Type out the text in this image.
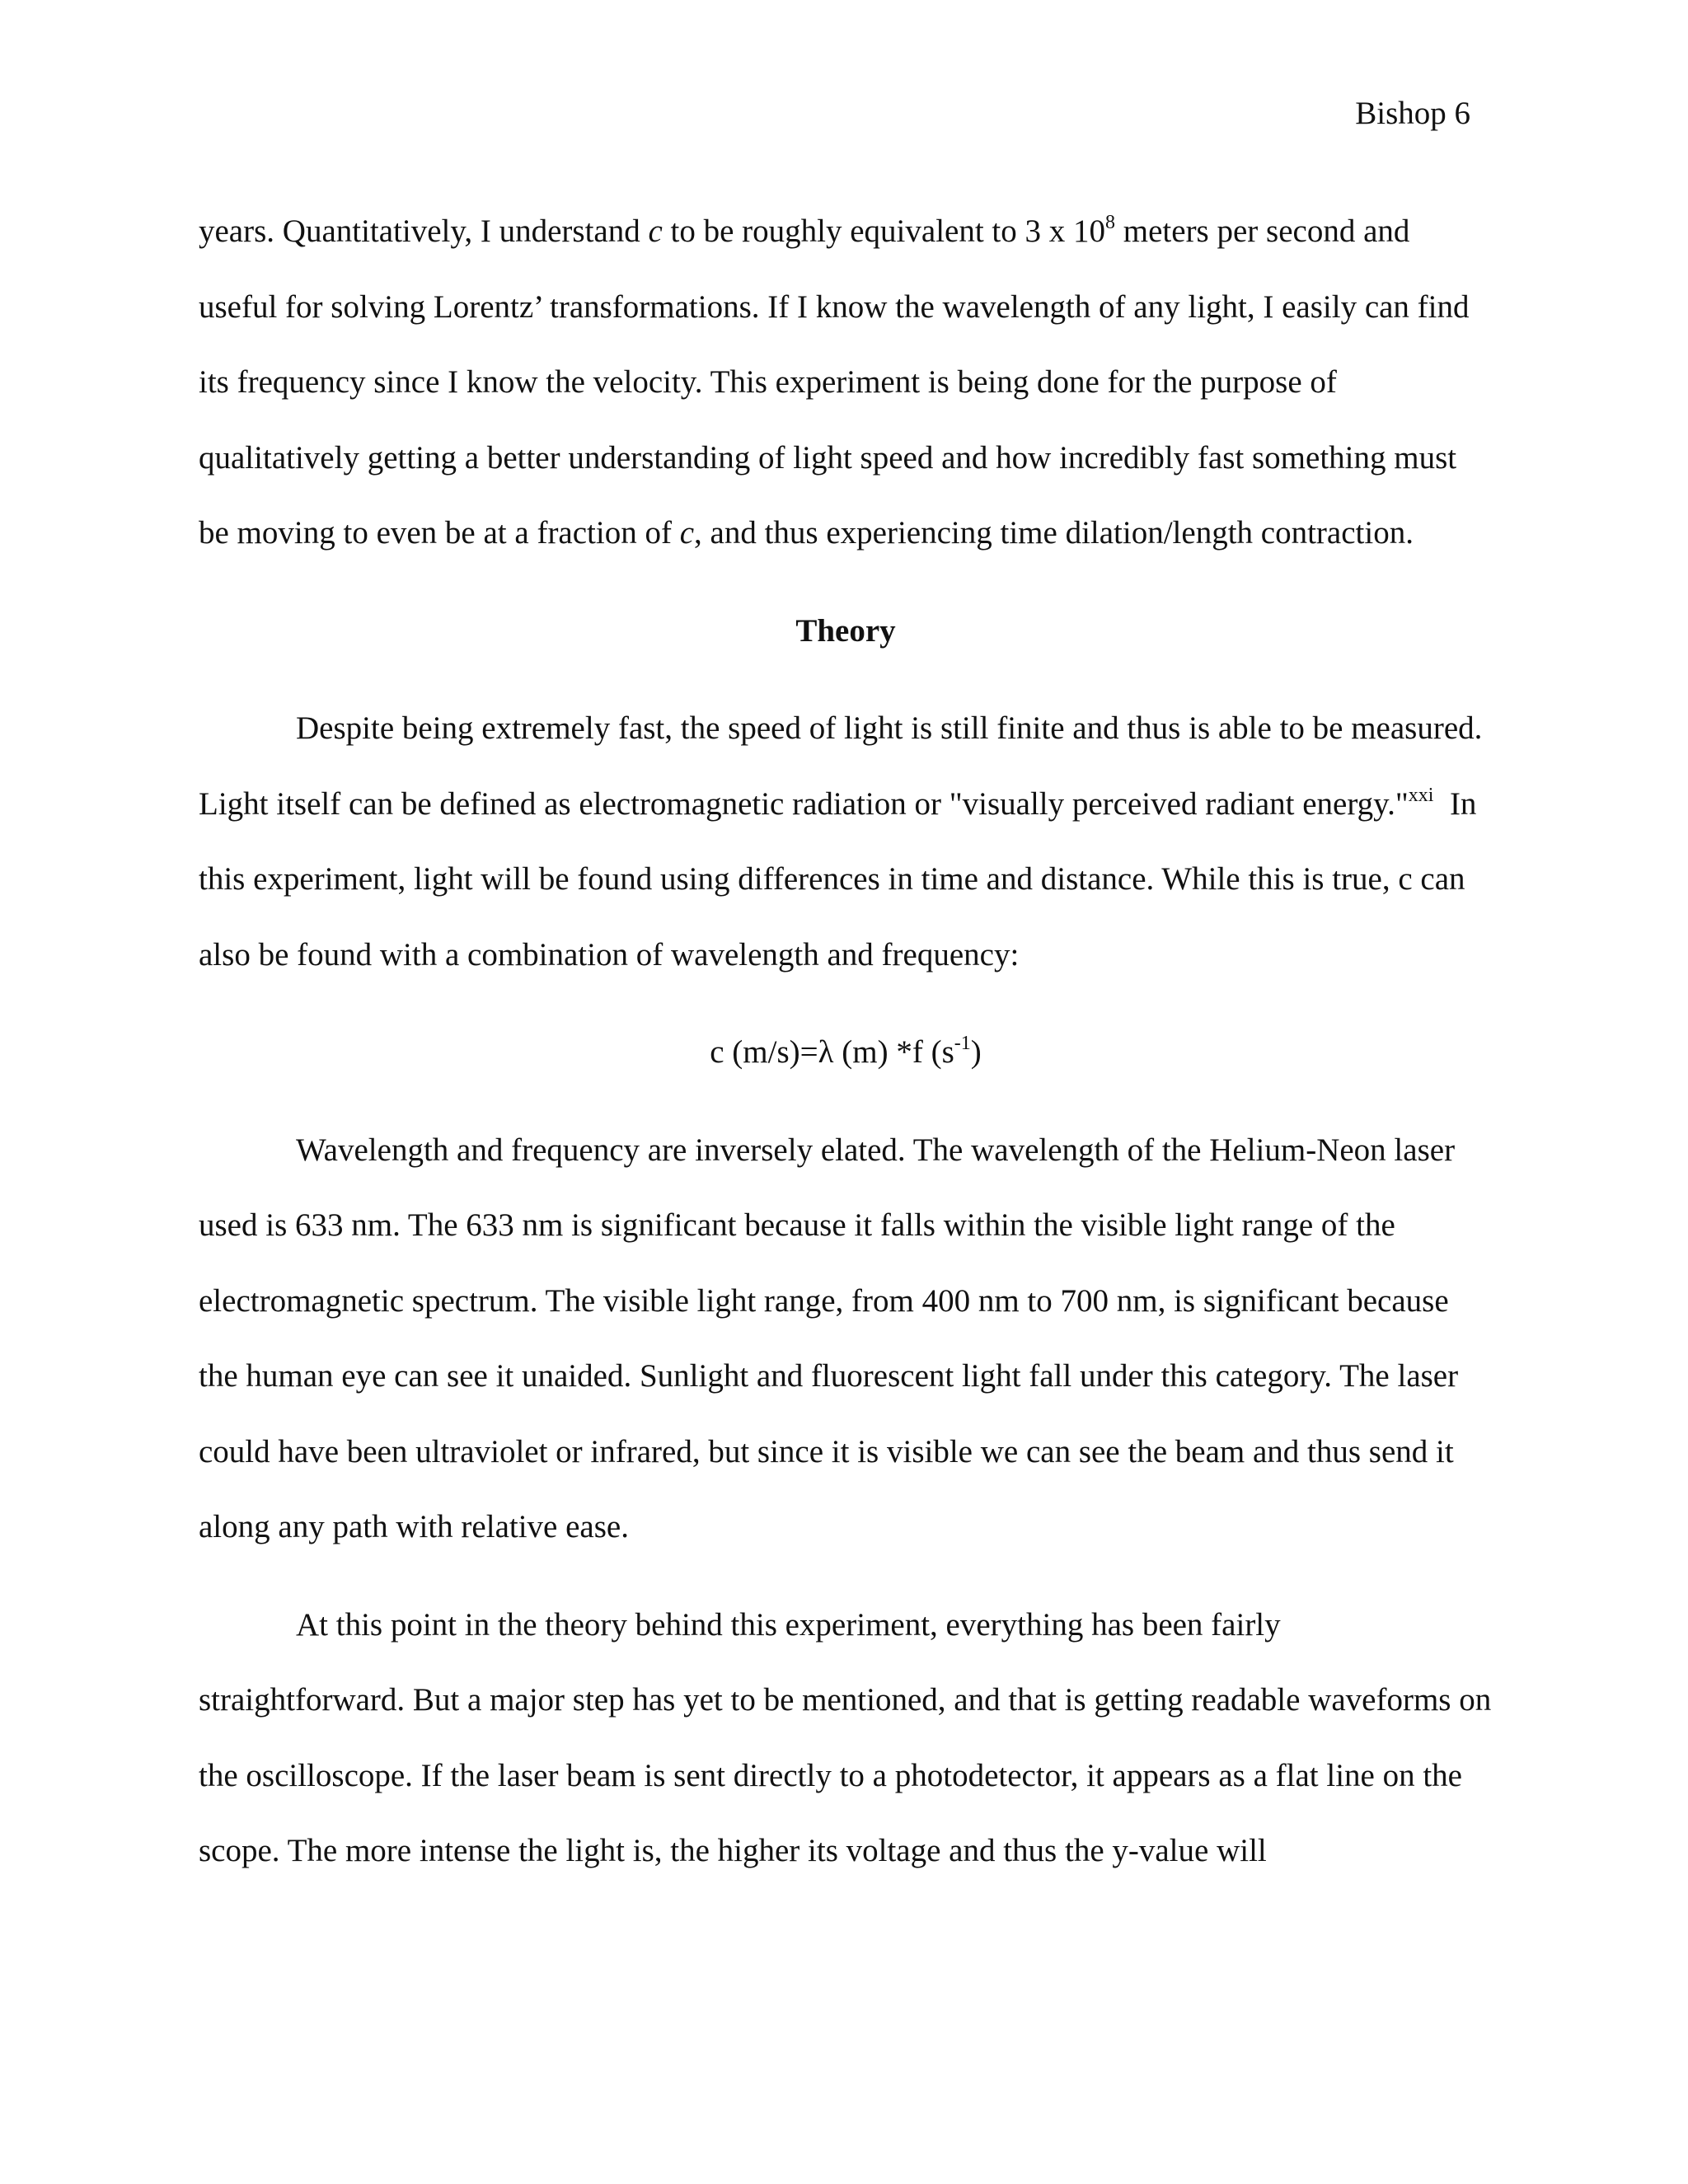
Bishop 6

years. Quantitatively, I understand c to be roughly equivalent to 3 x $10^8$ meters per second and useful for solving Lorentz’ transformations. If I know the wavelength of any light, I easily can find its frequency since I know the velocity. This experiment is being done for the purpose of qualitatively getting a better understanding of light speed and how incredibly fast something must be moving to even be at a fraction of c, and thus experiencing time dilation/length contraction.

Theory

Despite being extremely fast, the speed of light is still finite and thus is able to be measured. Light itself can be defined as electromagnetic radiation or "visually perceived radiant energy."$^{xxi}$  In this experiment, light will be found using differences in time and distance. While this is true, c can also be found with a combination of wavelength and frequency:

c (m/s)=λ (m) *f $(s^{-1})$

Wavelength and frequency are inversely elated. The wavelength of the Helium-Neon laser used is 633 nm. The 633 nm is significant because it falls within the visible light range of the electromagnetic spectrum. The visible light range, from 400 nm to 700 nm, is significant because the human eye can see it unaided. Sunlight and fluorescent light fall under this category. The laser could have been ultraviolet or infrared, but since it is visible we can see the beam and thus send it along any path with relative ease.

At this point in the theory behind this experiment, everything has been fairly straightforward. But a major step has yet to be mentioned, and that is getting readable waveforms on the oscilloscope. If the laser beam is sent directly to a photodetector, it appears as a flat line on the scope. The more intense the light is, the higher its voltage and thus the y-value will
